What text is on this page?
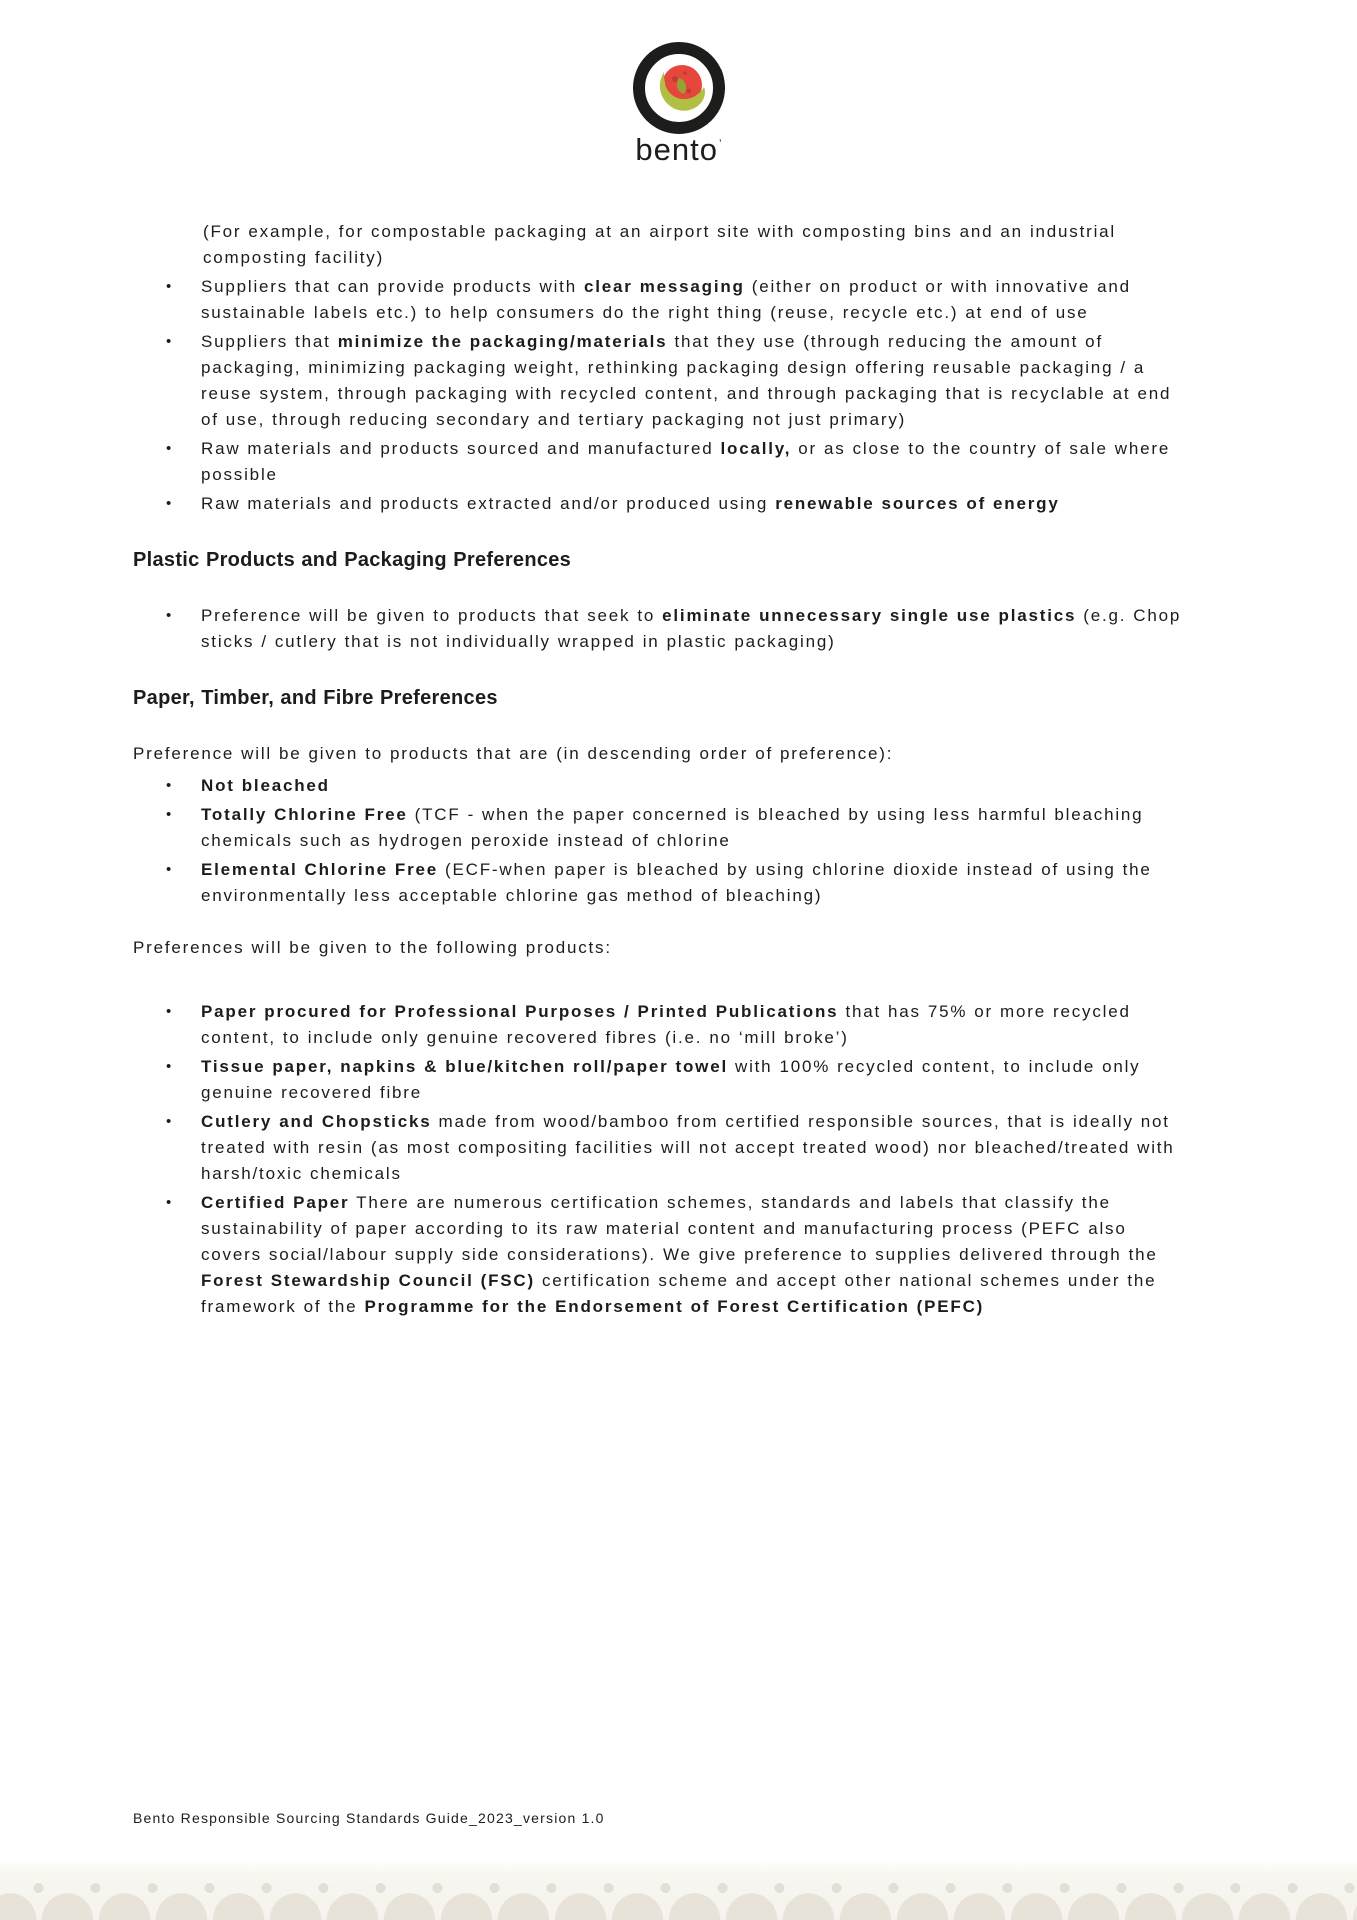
bento$^ʼ$
(For example, for compostable packaging at an airport site with composting bins and an industrial composting facility)
•	Suppliers that can provide products with clear messaging (either on product or with innovative and sustainable labels etc.) to help consumers do the right thing (reuse, recycle etc.) at end of use
•	Suppliers that minimize the packaging/materials that they use (through reducing the amount of packaging, minimizing packaging weight, rethinking packaging design offering reusable packaging / a reuse system, through packaging with recycled content, and through packaging that is recyclable at end of use, through reducing secondary and tertiary packaging not just primary)
•	Raw materials and products sourced and manufactured locally, or as close to the country of sale where possible
•	Raw materials and products extracted and/or produced using renewable sources of energy
Plastic Products and Packaging Preferences
•	Preference will be given to products that seek to eliminate unnecessary single use plastics (e.g. Chop sticks / cutlery that is not individually wrapped in plastic packaging)
Paper, Timber, and Fibre Preferences
Preference will be given to products that are (in descending order of preference):
•	Not bleached
•	Totally Chlorine Free (TCF - when the paper concerned is bleached by using less harmful bleaching chemicals such as hydrogen peroxide instead of chlorine
•	Elemental Chlorine Free (ECF-when paper is bleached by using chlorine dioxide instead of using the environmentally less acceptable chlorine gas method of bleaching)
Preferences will be given to the following products:
•	Paper procured for Professional Purposes / Printed Publications that has 75% or more recycled content, to include only genuine recovered fibres (i.e. no ‘mill broke’)
•	Tissue paper, napkins & blue/kitchen roll/paper towel with 100% recycled content, to include only genuine recovered fibre
•	Cutlery and Chopsticks made from wood/bamboo from certified responsible sources, that is ideally not treated with resin (as most compositing facilities will not accept treated wood) nor bleached/treated with harsh/toxic chemicals
•	Certified Paper There are numerous certification schemes, standards and labels that classify the sustainability of paper according to its raw material content and manufacturing process (PEFC also covers social/labour supply side considerations). We give preference to supplies delivered through the Forest Stewardship Council (FSC) certification scheme and accept other national schemes under the framework of the Programme for the Endorsement of Forest Certification (PEFC)
Bento Responsible Sourcing Standards Guide_2023_version 1.0
